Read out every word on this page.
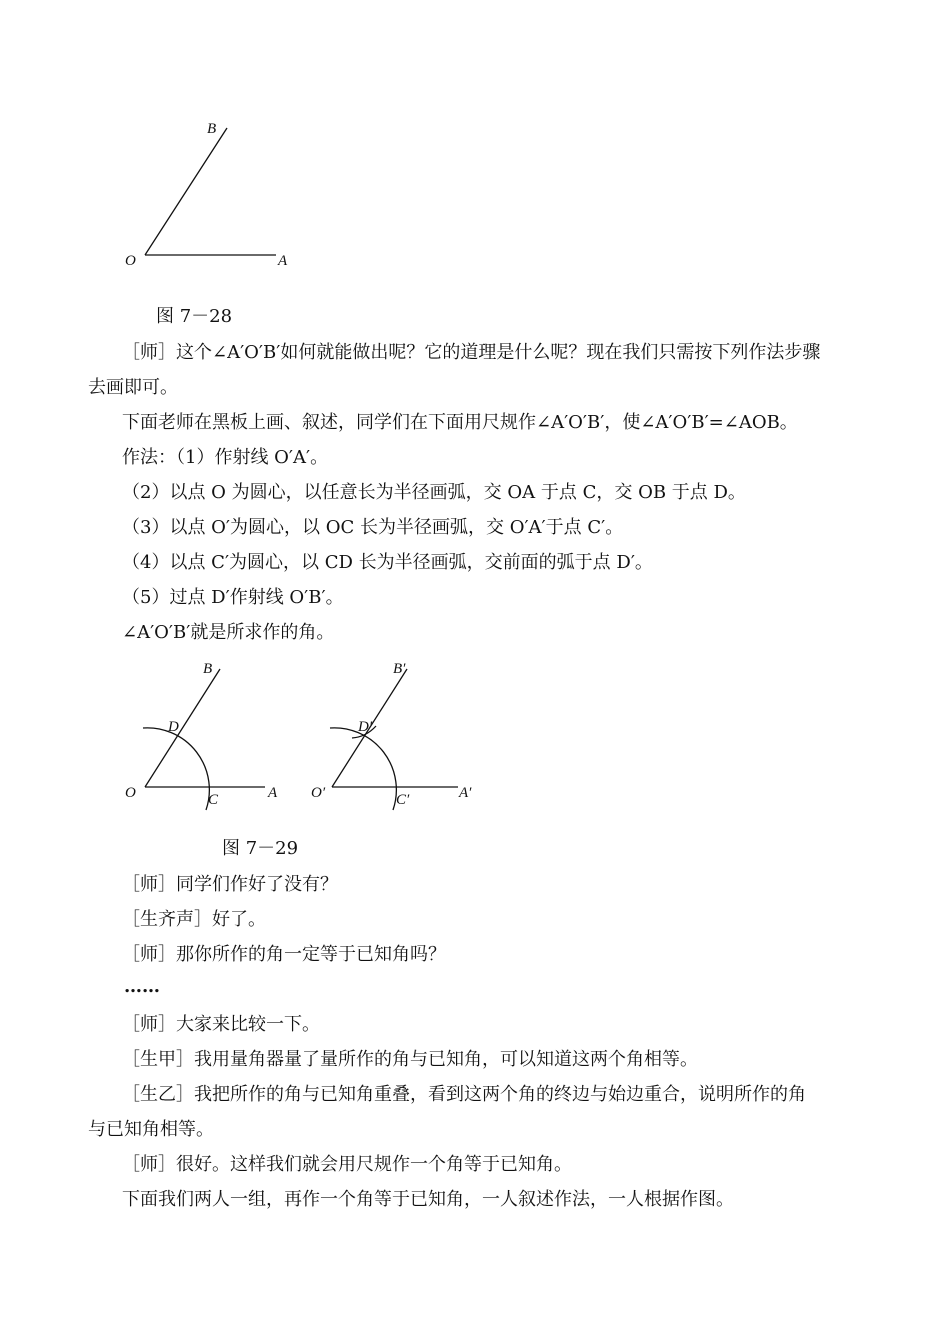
B
O	A
图 7－28
［师］这个∠A′O′B′如何就能做出呢？它的道理是什么呢？现在我们只需按下列作法步骤
去画即可。
下面老师在黑板上画、叙述，同学们在下面用尺规作∠A′O′B′，使∠A′O′B′=∠AOB。
作法：（1）作射线 O′A′。
（2）以点 O 为圆心，以任意长为半径画弧，交 OA 于点 C，交 OB 于点 D。
（3）以点 O′为圆心，以 OC 长为半径画弧，交 O′A′于点 C′。
（4）以点 C′为圆心，以 CD 长为半径画弧，交前面的弧于点 D′。
（5）过点 D′作射线 O′B′。
∠A′O′B′就是所求作的角。
B
D
O	C	A
B′
D′
O′	C′	A′
图 7－29
［师］同学们作好了没有？
［生齐声］好了。
［师］那你所作的角一定等于已知角吗？
……
［师］大家来比较一下。
［生甲］我用量角器量了量所作的角与已知角，可以知道这两个角相等。
［生乙］我把所作的角与已知角重叠，看到这两个角的终边与始边重合，说明所作的角
与已知角相等。
［师］很好。这样我们就会用尺规作一个角等于已知角。
下面我们两人一组，再作一个角等于已知角，一人叙述作法，一人根据作图。
